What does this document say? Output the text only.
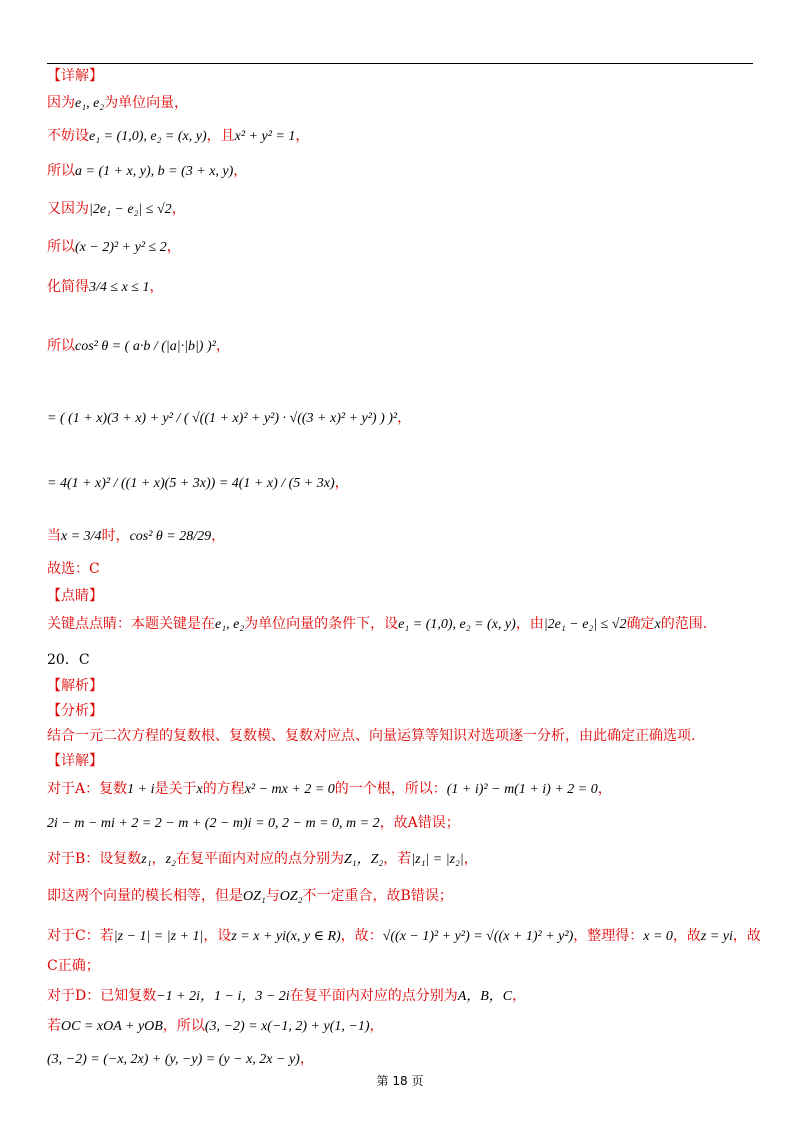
【详解】
因为e₁, e₂为单位向量，
不妨设e₁ = (1,0), e₂ = (x, y)，且x² + y² = 1，
所以a = (1 + x, y), b = (3 + x, y)，
又因为|2e₁ − e₂| ≤ √2，
所以(x − 2)² + y² ≤ 2，
化简得3/4 ≤ x ≤ 1，
所以cos² θ = ( a·b / (|a|·|b|) )²，
= ( (1 + x)(3 + x) + y² / ( √((1 + x)² + y²) · √((3 + x)² + y²) ) )²，
= 4(1 + x)² / ((1 + x)(5 + 3x)) = 4(1 + x) / (5 + 3x)，
当x = 3/4时，cos² θ = 28/29，
故选：C
【点睛】
关键点点睛：本题关键是在e₁, e₂为单位向量的条件下，设e₁ = (1,0), e₂ = (x, y)，由|2e₁ − e₂| ≤ √2确定x的范围.
20．C
【解析】
【分析】
结合一元二次方程的复数根、复数模、复数对应点、向量运算等知识对选项逐一分析，由此确定正确选项.
【详解】
对于A：复数1 + i是关于x的方程x² − mx + 2 = 0的一个根，所以：(1 + i)² − m(1 + i) + 2 = 0，
2i − m − mi + 2 = 2 − m + (2 − m)i = 0, 2 − m = 0, m = 2，故A错误；
对于B：设复数z₁，z₂在复平面内对应的点分别为Z₁，Z₂，若|z₁| = |z₂|，
即这两个向量的模长相等，但是OZ₁与OZ₂不一定重合，故B错误；
对于C：若|z − 1| = |z + 1|，设z = x + yi(x, y ∈ R)，故：√((x − 1)² + y²) = √((x + 1)² + y²)，整理得：x = 0，故z = yi，故
C正确；
对于D：已知复数−1 + 2i，1 − i，3 − 2i在复平面内对应的点分别为A，B，C，
若OC = xOA + yOB，所以(3, −2) = x(−1, 2) + y(1, −1)，
(3, −2) = (−x, 2x) + (y, −y) = (y − x, 2x − y)，
第 18 页
